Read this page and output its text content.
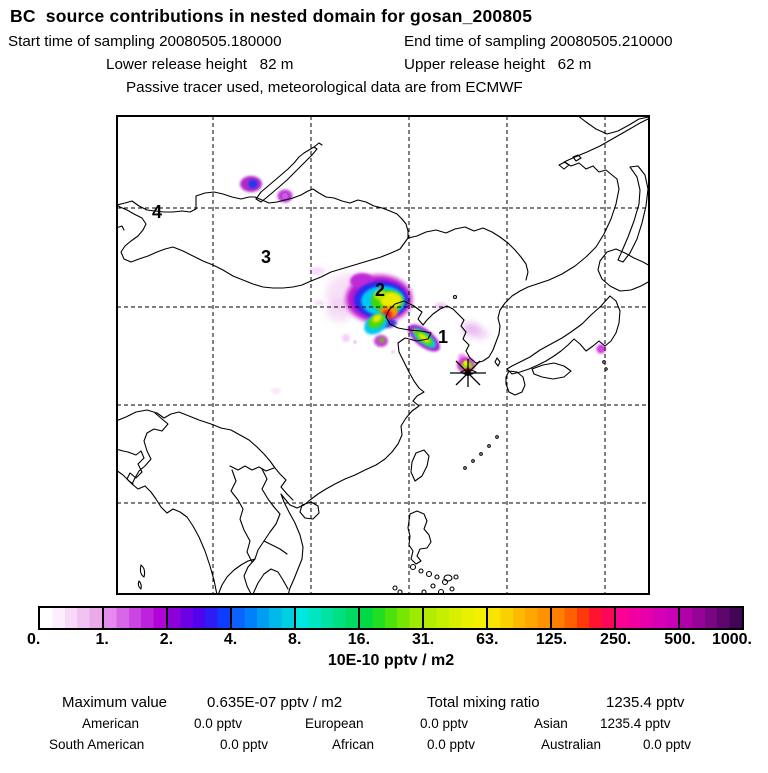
BC  source contributions in nested domain for gosan_200805
Start time of sampling 20080505.180000	End time of sampling 20080505.210000
Lower release height   82 m	Upper release height   62 m
Passive tracer used, meteorological data are from ECMWF
1
2
3
4
0.	1.	2.	4.	8.	16.	31.	63. 125. 250. 500. 1000.
10E-10 pptv / m2
Maximum value	0.635E-07 pptv / m2	Total mixing ratio	1235.4 pptv
American	0.0 pptv	European	0.0 pptv	Asian 1235.4 pptv
South American	0.0 pptv	African	0.0 pptv	Australian	0.0 pptv
